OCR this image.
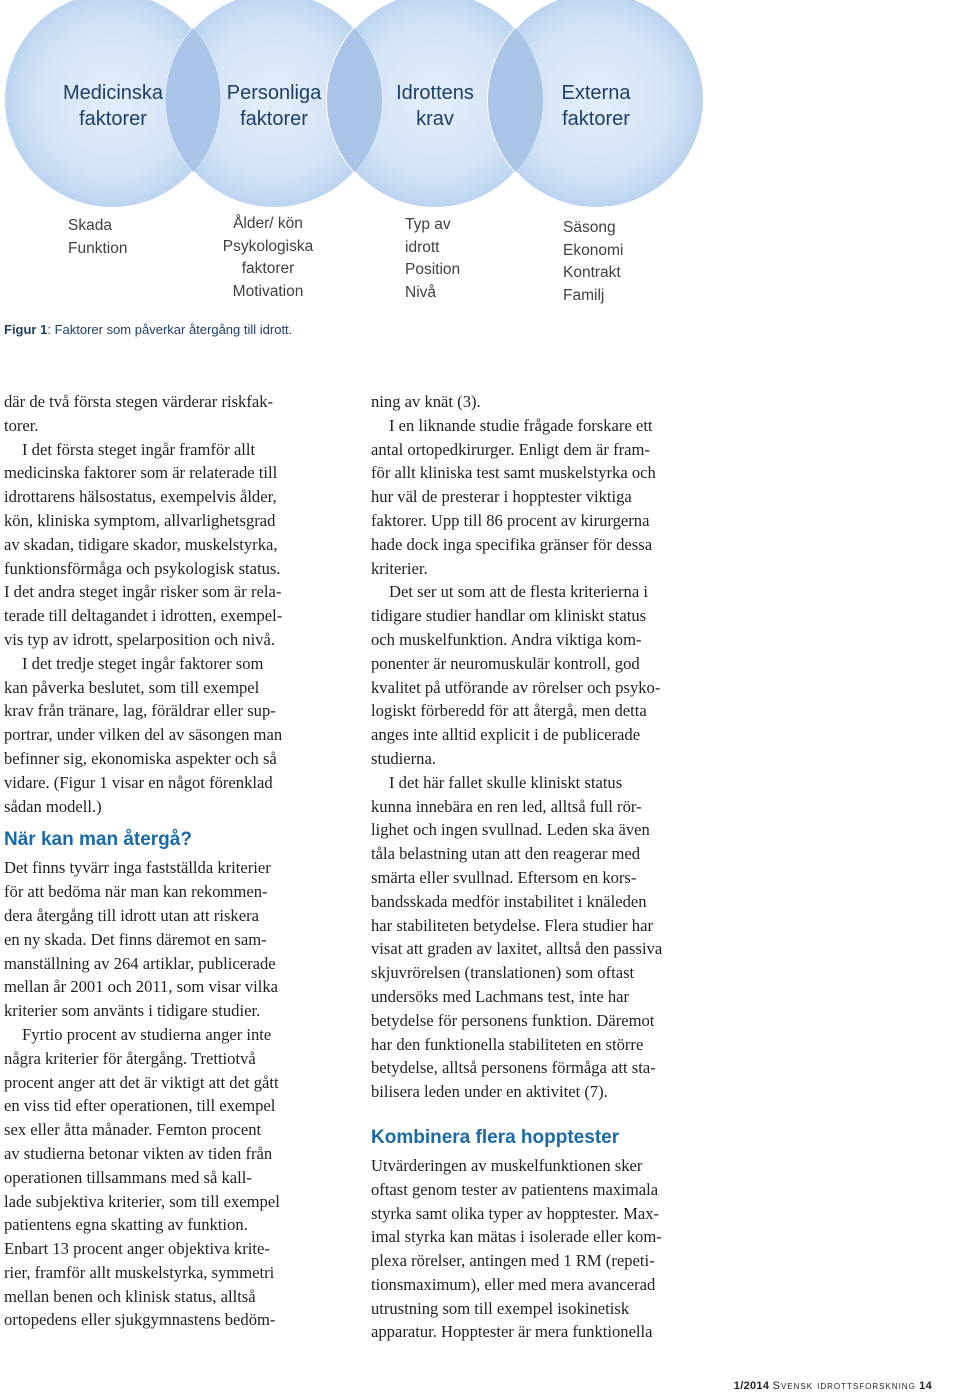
Medicinska
faktorer
Personliga
faktorer
Idrottens
krav
Externa
faktorer
Skada
Funktion
Ålder/ kön
Psykologiska
faktorer
Motivation
Typ av
idrott
Position
Nivå
Säsong
Ekonomi
Kontrakt
Familj
Figur 1: Faktorer som påverkar återgång till idrott.

där de två första stegen värderar riskfak-
torer.

I det första steget ingår framför allt
medicinska faktorer som är relaterade till
idrottarens hälsostatus, exempelvis ålder,
kön, kliniska symptom, allvarlighetsgrad
av skadan, tidigare skador, muskelstyrka,
funktionsförmåga och psykologisk status.
I det andra steget ingår risker som är rela-
terade till deltagandet i idrotten, exempel-
vis typ av idrott, spelarposition och nivå.

I det tredje steget ingår faktorer som
kan påverka beslutet, som till exempel
krav från tränare, lag, föräldrar eller sup-
portrar, under vilken del av säsongen man
befinner sig, ekonomiska aspekter och så
vidare. (Figur 1 visar en något förenklad
sådan modell.)

När kan man återgå?

Det finns tyvärr inga fastställda kriterier
för att bedöma när man kan rekommen-
dera återgång till idrott utan att riskera
en ny skada. Det finns däremot en sam-
manställning av 264 artiklar, publicerade
mellan år 2001 och 2011, som visar vilka
kriterier som använts i tidigare studier.

Fyrtio procent av studierna anger inte
några kriterier för återgång. Trettiotvå
procent anger att det är viktigt att det gått
en viss tid efter operationen, till exempel
sex eller åtta månader. Femton procent
av studierna betonar vikten av tiden från
operationen tillsammans med så kall-
lade subjektiva kriterier, som till exempel
patientens egna skatting av funktion.
Enbart 13 procent anger objektiva krite-
rier, framför allt muskelstyrka, symmetri
mellan benen och klinisk status, alltså
ortopedens eller sjukgymnastens bedöm-

ning av knät (3).

I en liknande studie frågade forskare ett
antal ortopedkirurger. Enligt dem är fram-
för allt kliniska test samt muskelstyrka och
hur väl de presterar i hopptester viktiga
faktorer. Upp till 86 procent av kirurgerna
hade dock inga specifika gränser för dessa
kriterier.

Det ser ut som att de flesta kriterierna i
tidigare studier handlar om kliniskt status
och muskelfunktion. Andra viktiga kom-
ponenter är neuromuskulär kontroll, god
kvalitet på utförande av rörelser och psyko-
logiskt förberedd för att återgå, men detta
anges inte alltid explicit i de publicerade
studierna.

I det här fallet skulle kliniskt status
kunna innebära en ren led, alltså full rör-
lighet och ingen svullnad. Leden ska även
tåla belastning utan att den reagerar med
smärta eller svullnad. Eftersom en kors-
bandsskada medför instabilitet i knäleden
har stabiliteten betydelse. Flera studier har
visat att graden av laxitet, alltså den passiva
skjuvrörelsen (translationen) som oftast
undersöks med Lachmans test, inte har
betydelse för personens funktion. Däremot
har den funktionella stabiliteten en större
betydelse, alltså personens förmåga att sta-
bilisera leden under en aktivitet (7).

Kombinera flera hopptester

Utvärderingen av muskelfunktionen sker
oftast genom tester av patientens maximala
styrka samt olika typer av hopptester. Max-
imal styrka kan mätas i isolerade eller kom-
plexa rörelser, antingen med 1 RM (repeti-
tionsmaximum), eller med mera avancerad
utrustning som till exempel isokinetisk
apparatur. Hopptester är mera funktionella

1/2014 Svensk idrottsforskning 14
